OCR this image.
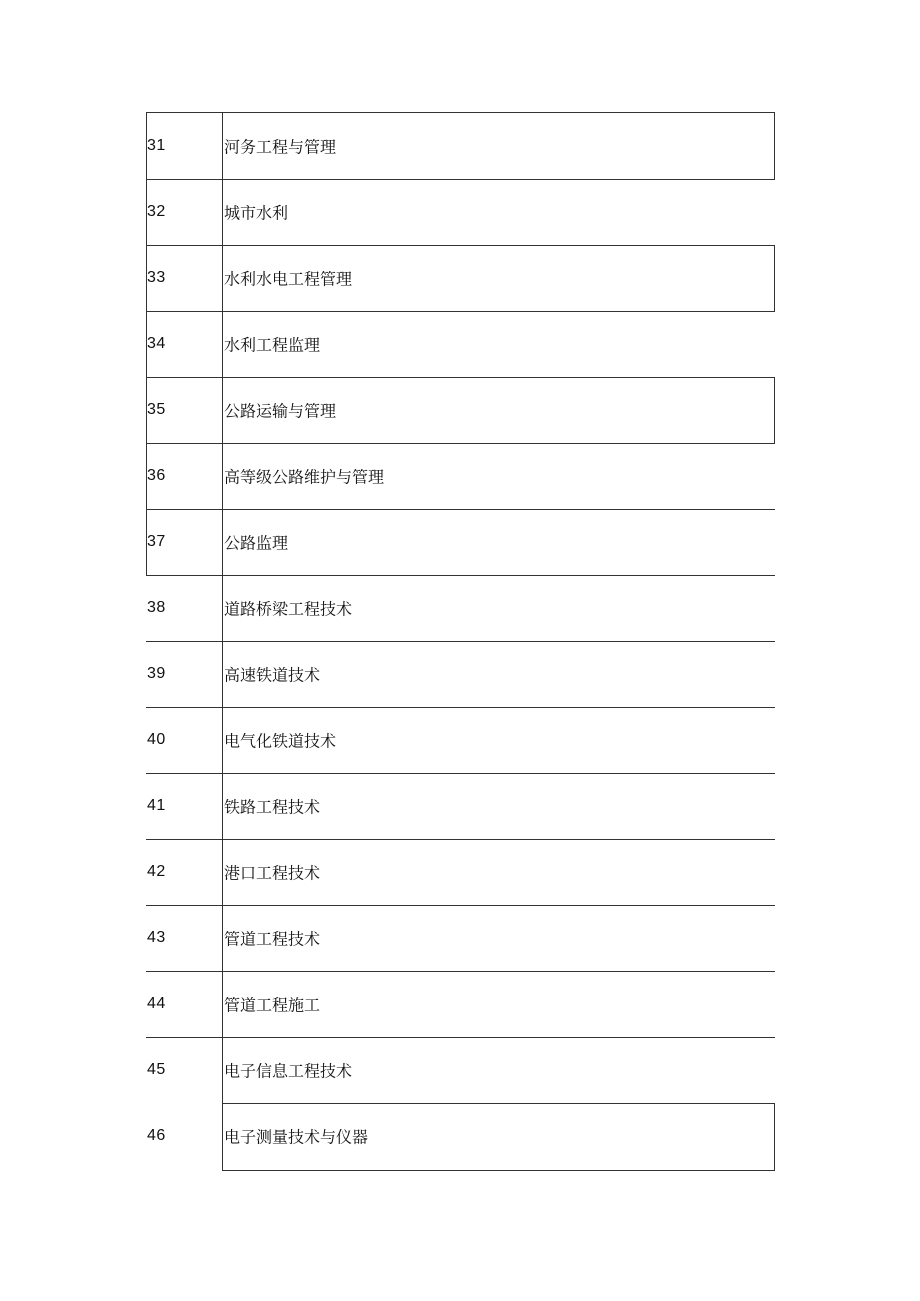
31	河务工程与管理
32	城市水利
33	水利水电工程管理
34	水利工程监理
35	公路运输与管理
36	高等级公路维护与管理
37	公路监理
38	道路桥梁工程技术
39	高速铁道技术
40	电气化铁道技术
41	铁路工程技术
42	港口工程技术
43	管道工程技术
44	管道工程施工
45	电子信息工程技术
46	电子测量技术与仪器
